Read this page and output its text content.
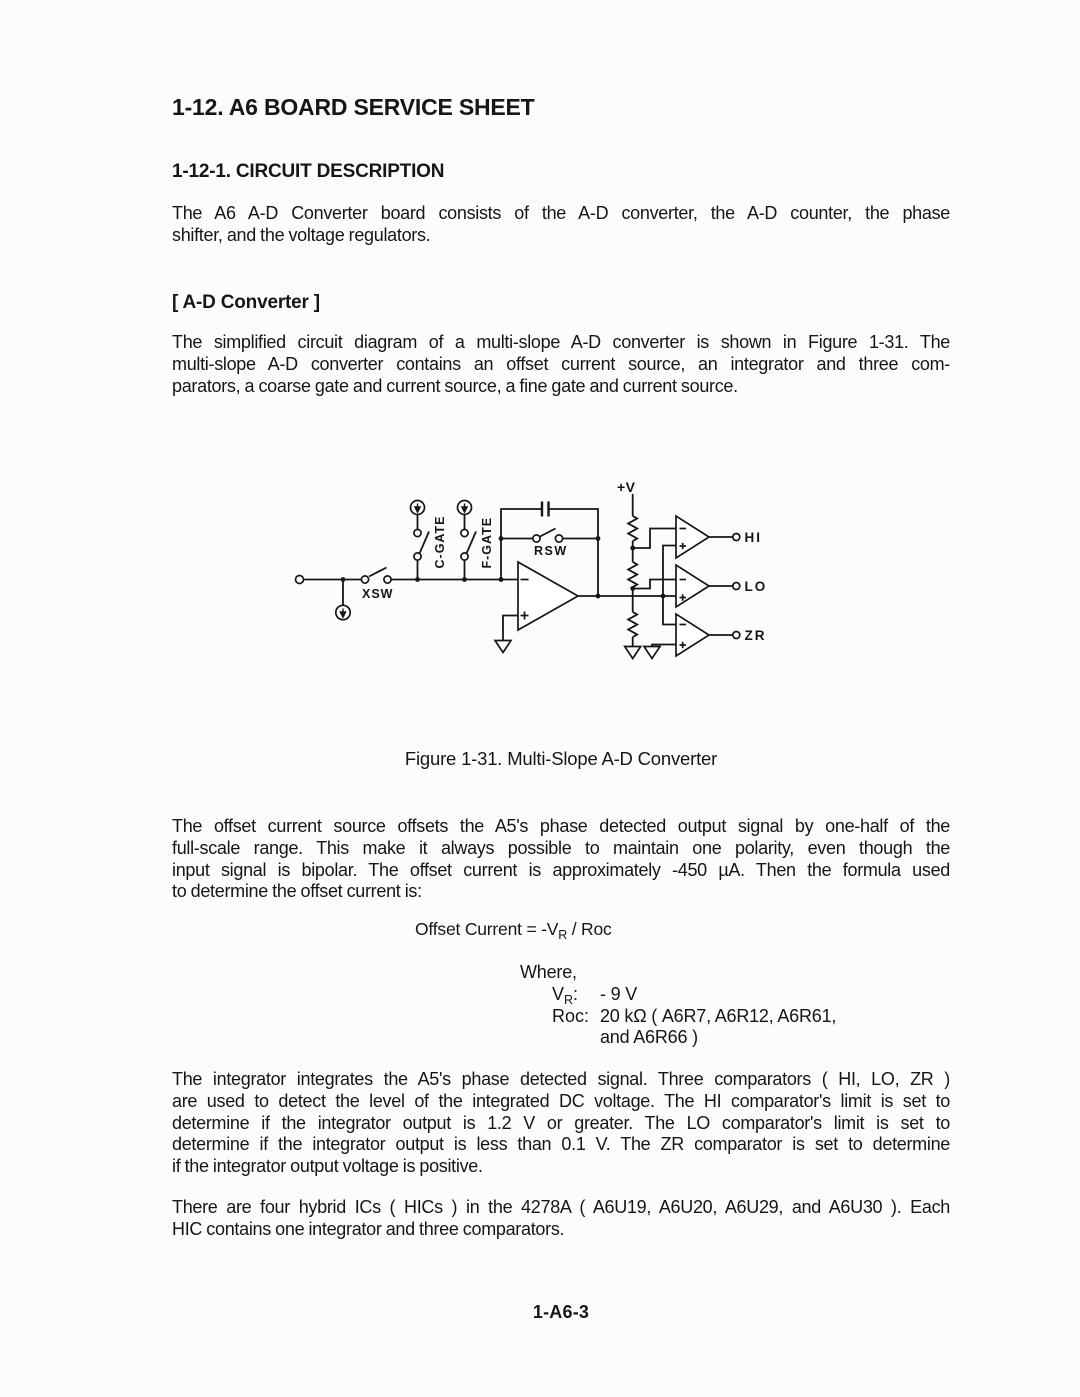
1-12. A6 BOARD SERVICE SHEET
1-12-1. CIRCUIT DESCRIPTION
The A6 A-D Converter board consists of the A-D converter, the A-D counter, the phase
shifter, and the voltage regulators.
[ A-D Converter ]
The simplified circuit diagram of a multi-slope A-D converter is shown in Figure 1-31. The
multi-slope A-D converter contains an offset current source, an integrator and three com-
parators, a coarse gate and current source, a fine gate and current source.
+V
C-GATE	F-GATE
XSW
RSW
HI
LO
ZR
Figure 1-31. Multi-Slope A-D Converter
The offset current source offsets the A5's phase detected output signal by one-half of the
full-scale range. This make it always possible to maintain one polarity, even though the
input signal is bipolar. The offset current is approximately -450 µA. Then the formula used
to determine the offset current is:
Offset Current = $-V_R$ / Roc
Where,
$V_R$: - 9 V
Roc: 20 kΩ ( A6R7, A6R12, A6R61,
and A6R66 )
The integrator integrates the A5's phase detected signal. Three comparators ( HI, LO, ZR )
are used to detect the level of the integrated DC voltage. The HI comparator's limit is set to
determine if the integrator output is 1.2 V or greater. The LO comparator's limit is set to
determine if the integrator output is less than 0.1 V. The ZR comparator is set to determine
if the integrator output voltage is positive.
There are four hybrid ICs ( HICs ) in the 4278A ( A6U19, A6U20, A6U29, and A6U30 ). Each
HIC contains one integrator and three comparators.
1-A6-3
